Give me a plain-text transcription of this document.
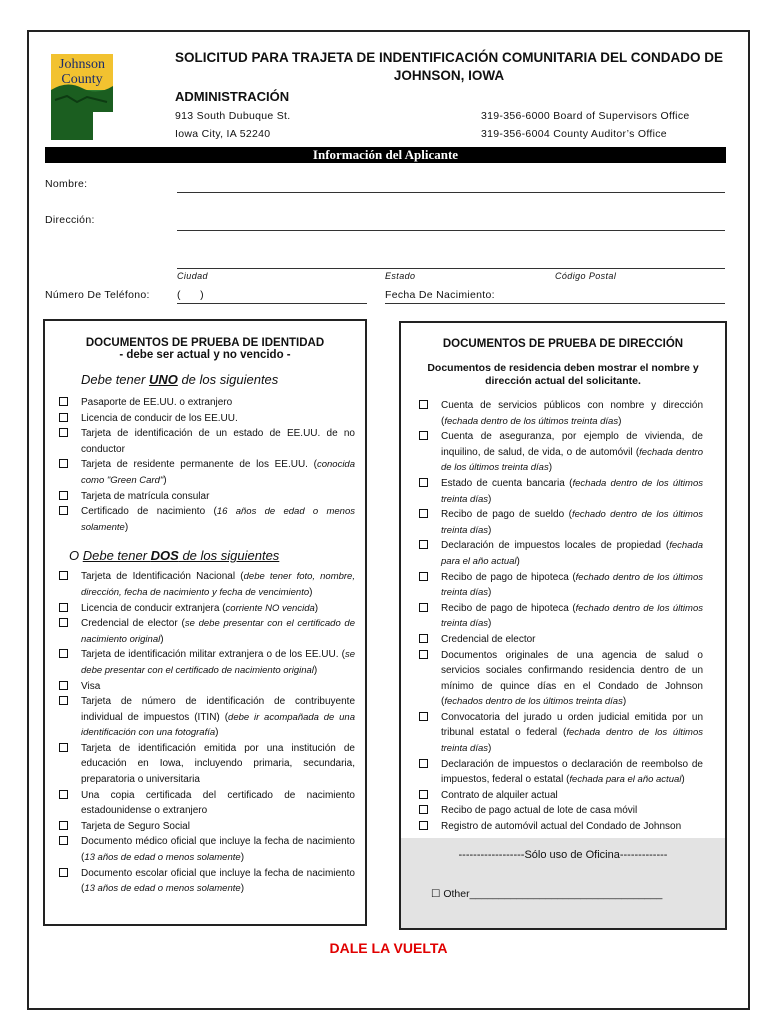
Johnson
County
SOLICITUD PARA TRAJETA DE INDENTIFICACIÓN COMUNITARIA DEL CONDADO DE JOHNSON, IOWA
ADMINISTRACIÓN
913 South Dubuque St.
Iowa City, IA 52240
319-356-6000 Board of Supervisors Office
319-356-6004 County Auditor’s Office
Información del Aplicante
Nombre:
Dirección:
Ciudad	Estado	Código Postal
Número De Teléfono:	(      )	Fecha De Nacimiento:
DOCUMENTOS DE PRUEBA DE IDENTIDAD
- debe ser actual y no vencido -
Debe tener UNO de los siguientes
Pasaporte de EE.UU. o extranjero
Licencia de conducir de los EE.UU.
Tarjeta de identificación de un estado de EE.UU. de no conductor
Tarjeta de residente permanente de los EE.UU. (conocida como "Green Card")
Tarjeta de matrícula consular
Certificado de nacimiento (16 años de edad o menos solamente)
O Debe tener DOS de los siguientes
Tarjeta de Identificación Nacional (debe tener foto, nombre, dirección, fecha de nacimiento y fecha de vencimiento)
Licencia de conducir extranjera (corriente NO vencida)
Credencial de elector (se debe presentar con el certificado de nacimiento original)
Tarjeta de identificación militar extranjera o de los EE.UU. (se debe presentar con el certificado de nacimiento original)
Visa
Tarjeta de número de identificación de contribuyente individual de impuestos (ITIN) (debe ir acompañada de una identificación con una fotografía)
Tarjeta de identificación emitida por una institución de educación en Iowa, incluyendo primaria, secundaria, preparatoria o universitaria
Una copia certificada del certificado de nacimiento estadounidense o extranjero
Tarjeta de Seguro Social
Documento médico oficial que incluye la fecha de nacimiento (13 años de edad o menos solamente)
Documento escolar oficial que incluye la fecha de nacimiento (13 años de edad o menos solamente)
DOCUMENTOS DE PRUEBA DE DIRECCIÓN
Documentos de residencia deben mostrar el nombre y dirección actual del solicitante.
Cuenta de servicios públicos con nombre y dirección (fechada dentro de los últimos treinta días)
Cuenta de aseguranza, por ejemplo de vivienda, de inquilino, de salud, de vida, o de automóvil (fechada dentro de los últimos treinta días)
Estado de cuenta bancaria (fechada dentro de los últimos treinta días)
Recibo de pago de sueldo (fechado dentro de los últimos treinta días)
Declaración de impuestos locales de propiedad (fechada para el año actual)
Recibo de pago de hipoteca (fechado dentro de los últimos treinta días)
Recibo de pago de hipoteca (fechado dentro de los últimos treinta días)
Credencial de elector
Documentos originales de una agencia de salud o servicios sociales confirmando residencia dentro de un mínimo de quince días en el Condado de Johnson (fechados dentro de los últimos treinta días)
Convocatoria del jurado u orden judicial emitida por un tribunal estatal o federal (fechada dentro de los últimos treinta días)
Declaración de impuestos o declaración de reembolso de impuestos, federal o estatal (fechada para el año actual)
Contrato de alquiler actual
Recibo de pago actual de lote de casa móvil
Registro de automóvil actual del Condado de Johnson
------------------Sólo uso de Oficina-------------
☐ Other_________________________________
DALE LA VUELTA
